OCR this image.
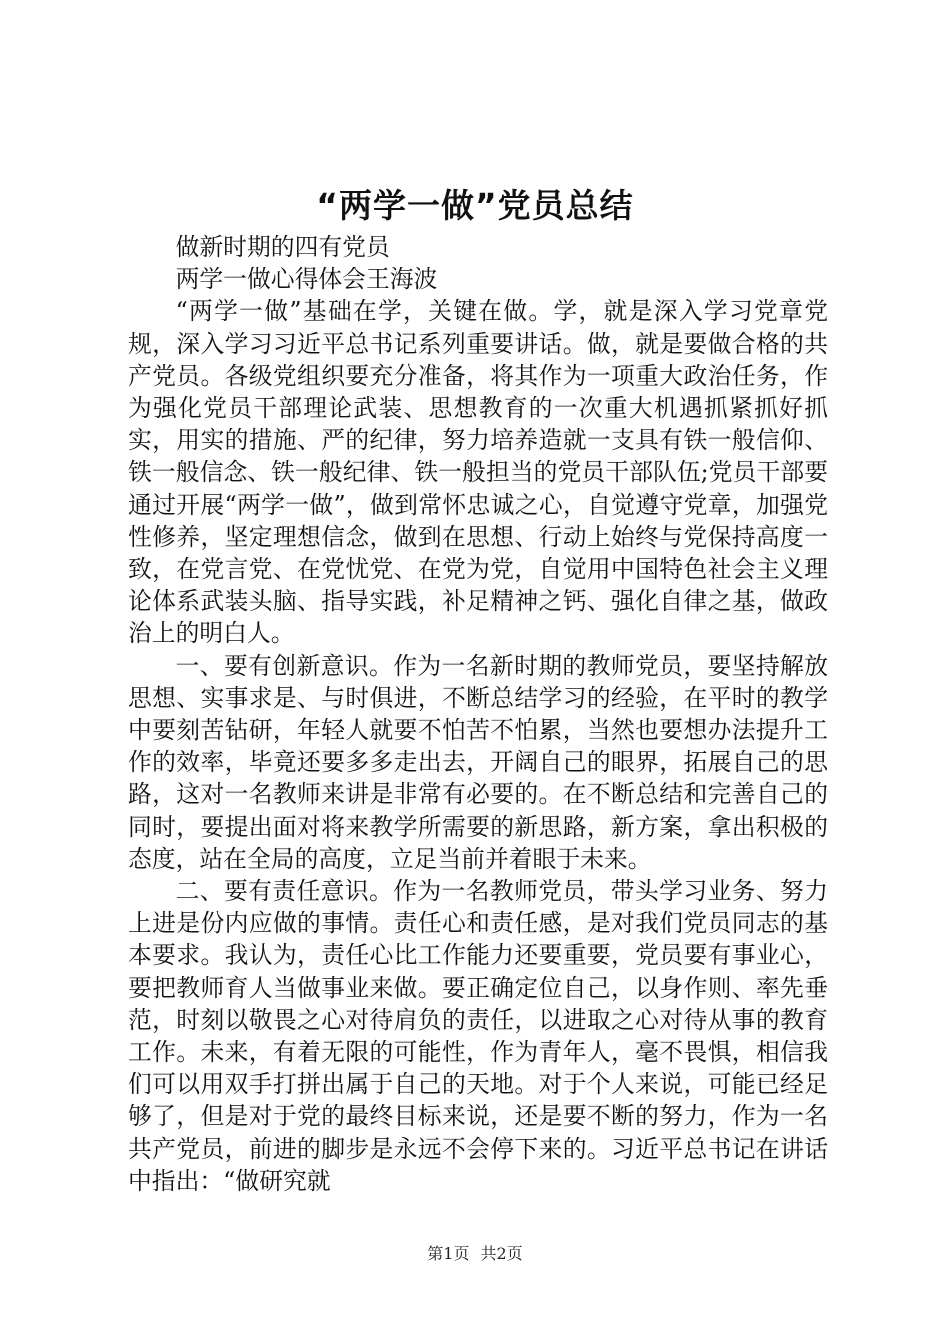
“两学一做”党员总结

做新时期的四有党员

两学一做心得体会王海波

“两学一做”基础在学，关键在做。学，就是深入学习党章党规，深入学习习近平总书记系列重要讲话。做，就是要做合格的共产党员。各级党组织要充分准备，将其作为一项重大政治任务，作为强化党员干部理论武装、思想教育的一次重大机遇抓紧抓好抓实，用实的措施、严的纪律，努力培养造就一支具有铁一般信仰、铁一般信念、铁一般纪律、铁一般担当的党员干部队伍;党员干部要通过开展“两学一做”，做到常怀忠诚之心，自觉遵守党章，加强党性修养，坚定理想信念，做到在思想、行动上始终与党保持高度一致，在党言党、在党忧党、在党为党，自觉用中国特色社会主义理论体系武装头脑、指导实践，补足精神之钙、强化自律之基，做政治上的明白人。

一、要有创新意识。作为一名新时期的教师党员，要坚持解放思想、实事求是、与时俱进，不断总结学习的经验，在平时的教学中要刻苦钻研，年轻人就要不怕苦不怕累，当然也要想办法提升工作的效率，毕竟还要多多走出去，开阔自己的眼界，拓展自己的思路，这对一名教师来讲是非常有必要的。在不断总结和完善自己的同时，要提出面对将来教学所需要的新思路，新方案，拿出积极的态度，站在全局的高度，立足当前并着眼于未来。

二、要有责任意识。作为一名教师党员，带头学习业务、努力上进是份内应做的事情。责任心和责任感，是对我们党员同志的基本要求。我认为，责任心比工作能力还要重要，党员要有事业心，要把教师育人当做事业来做。要正确定位自己，以身作则、率先垂范，时刻以敬畏之心对待肩负的责任，以进取之心对待从事的教育工作。未来，有着无限的可能性，作为青年人，毫不畏惧，相信我们可以用双手打拼出属于自己的天地。对于个人来说，可能已经足够了，但是对于党的最终目标来说，还是要不断的努力，作为一名共产党员，前进的脚步是永远不会停下来的。习近平总书记在讲话中指出：“做研究就

第1页 共2页
